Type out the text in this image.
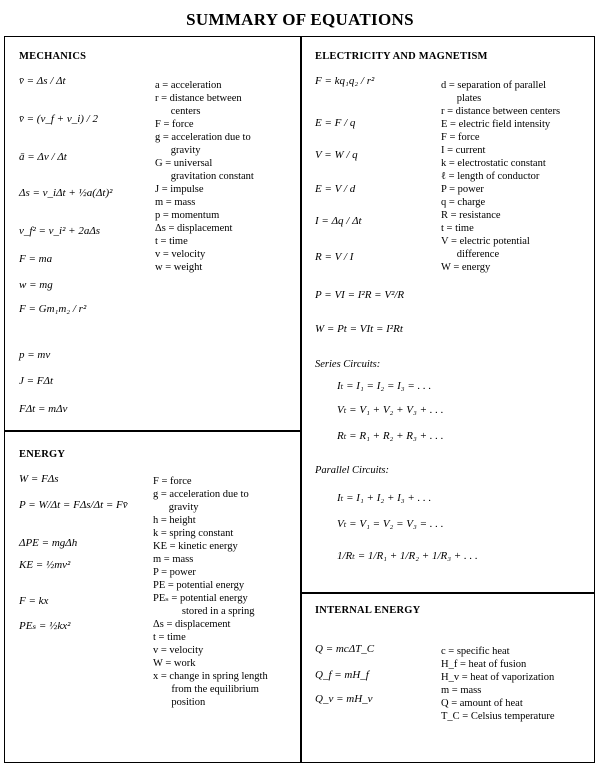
SUMMARY OF EQUATIONS
MECHANICS
v̄ = Δs / Δt
v̄ = (v_f + v_i) / 2
ā = Δv / Δt
Δs = v_iΔt + ½a(Δt)²
v_f² = v_i² + 2aΔs
F = ma
w = mg
F = Gm₁m₂ / r²
p = mv
J = FΔt
FΔt = mΔv
a = acceleration
r = distance between
centers
F = force
g = acceleration due to
gravity
G = universal
gravitation constant
J = impulse
m = mass
p = momentum
Δs = displacement
t = time
v = velocity
w = weight
ENERGY
W = FΔs
P = W/Δt = FΔs/Δt = Fv̄
ΔPE = mgΔh
KE = ½mv²
F = kx
PEₛ = ½kx²
F = force
g = acceleration due to
gravity
h = height
k = spring constant
KE = kinetic energy
m = mass
P = power
PE = potential energy
PEₛ = potential energy
stored in a spring
Δs = displacement
t = time
v = velocity
W = work
x = change in spring length
from the equilibrium
position
ELECTRICITY AND MAGNETISM
F = kq₁q₂ / r²
E = F / q
V = W / q
E = V / d
I = Δq / Δt
R = V / I
P = VI = I²R = V²/R
W = Pt = VIt = I²Rt
d = separation of parallel
plates
r = distance between centers
E = electric field intensity
F = force
I = current
k = electrostatic constant
ℓ = length of conductor
P = power
q = charge
R = resistance
t = time
V = electric potential
difference
W = energy
Series Circuits:
Iₜ = I₁ = I₂ = I₃ = . . .
Vₜ = V₁ + V₂ + V₃ + . . .
Rₜ = R₁ + R₂ + R₃ + . . .
Parallel Circuits:
Iₜ = I₁ + I₂ + I₃ + . . .
Vₜ = V₁ = V₂ = V₃ = . . .
1/Rₜ = 1/R₁ + 1/R₂ + 1/R₃ + . . .
INTERNAL ENERGY
Q = mcΔT_C
Q_f = mH_f
Q_v = mH_v
c = specific heat
H_f = heat of fusion
H_v = heat of vaporization
m = mass
Q = amount of heat
T_C = Celsius temperature
